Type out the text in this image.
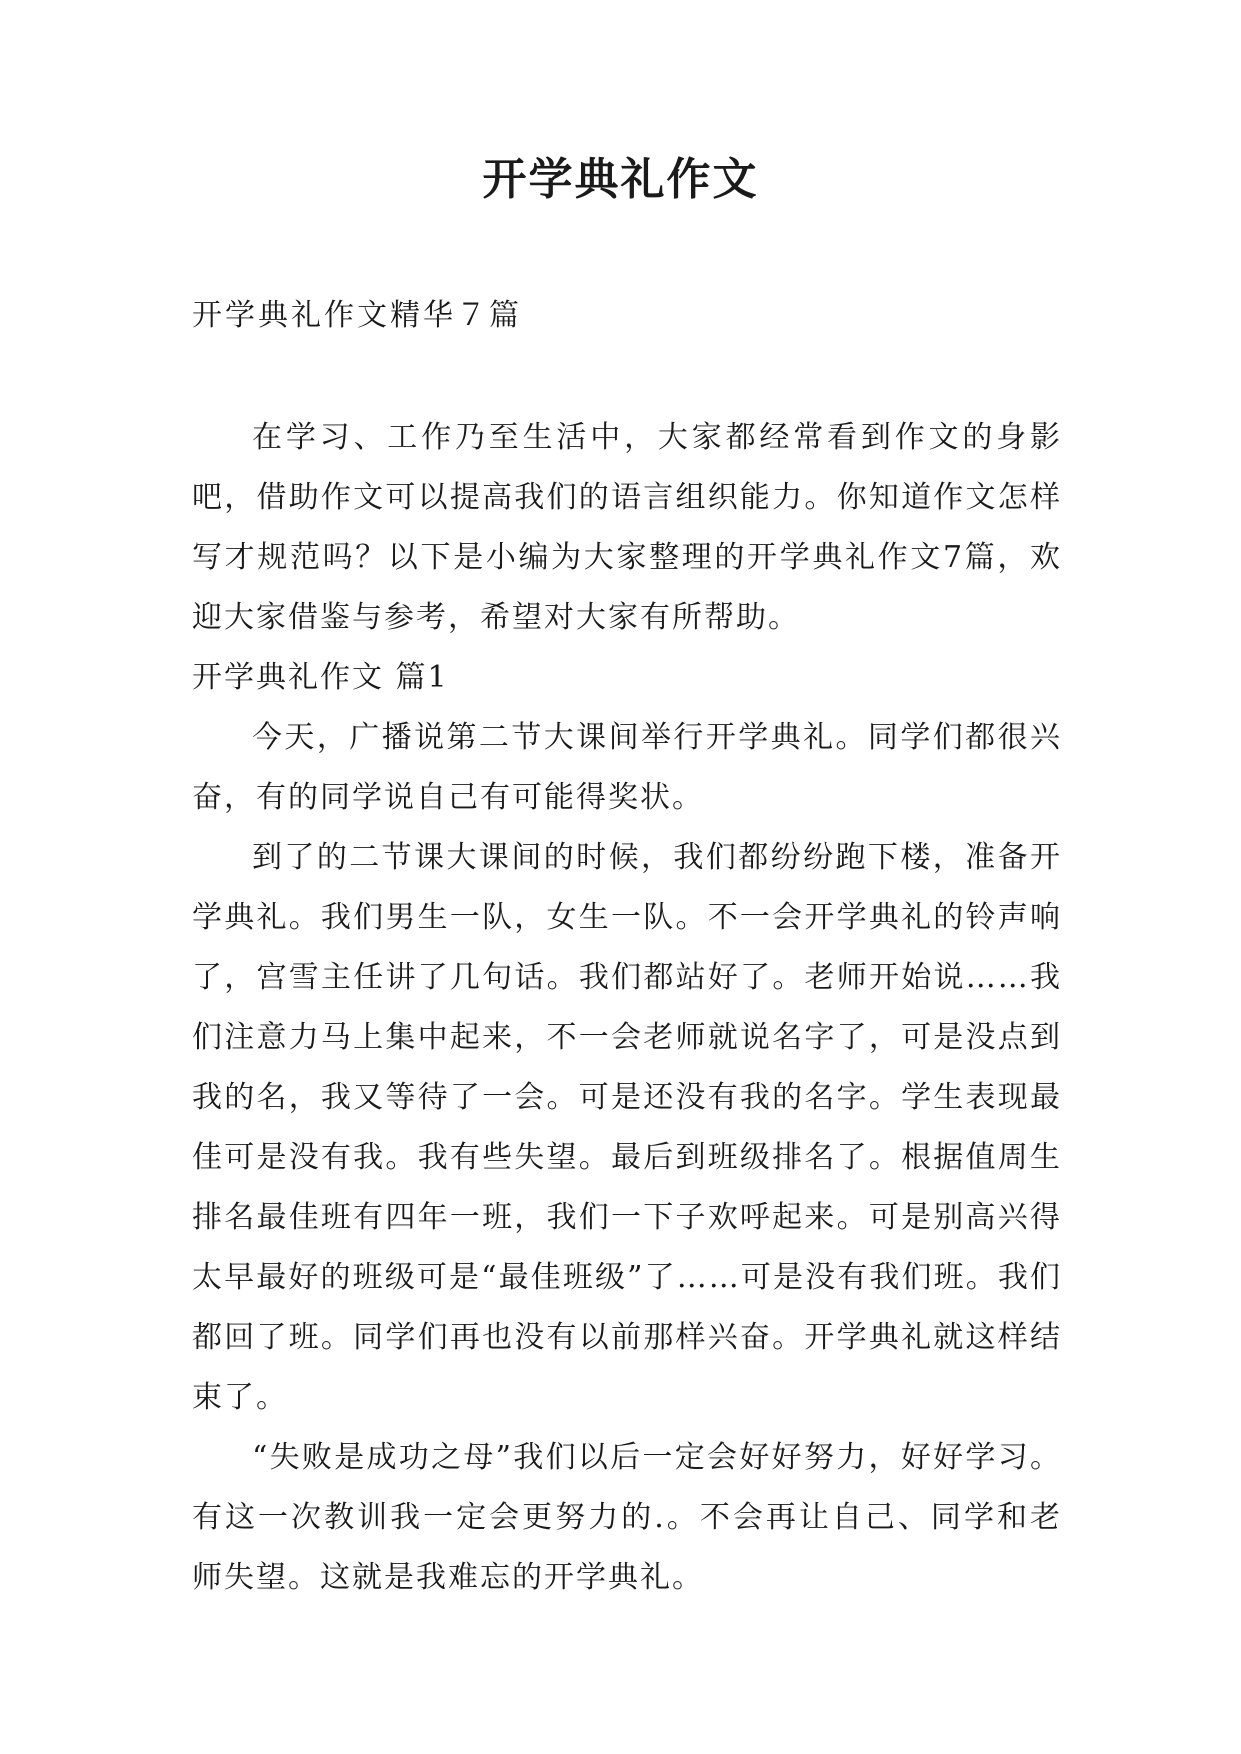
开学典礼作文
开学典礼作文精华７篇

在学习、工作乃至生活中，大家都经常看到作文的身影吧，借助作文可以提高我们的语言组织能力。你知道作文怎样写才规范吗？以下是小编为大家整理的开学典礼作文7篇，欢迎大家借鉴与参考，希望对大家有所帮助。

开学典礼作文 篇1

今天，广播说第二节大课间举行开学典礼。同学们都很兴奋，有的同学说自己有可能得奖状。

到了的二节课大课间的时候，我们都纷纷跑下楼，准备开学典礼。我们男生一队，女生一队。不一会开学典礼的铃声响了，宫雪主任讲了几句话。我们都站好了。老师开始说……我们注意力马上集中起来，不一会老师就说名字了，可是没点到我的名，我又等待了一会。可是还没有我的名字。学生表现最佳可是没有我。我有些失望。最后到班级排名了。根据值周生排名最佳班有四年一班，我们一下子欢呼起来。可是别高兴得太早最好的班级可是“最佳班级”了……可是没有我们班。我们都回了班。同学们再也没有以前那样兴奋。开学典礼就这样结束了。

“失败是成功之母”我们以后一定会好好努力，好好学习。有这一次教训我一定会更努力的.。不会再让自己、同学和老师失望。这就是我难忘的开学典礼。
